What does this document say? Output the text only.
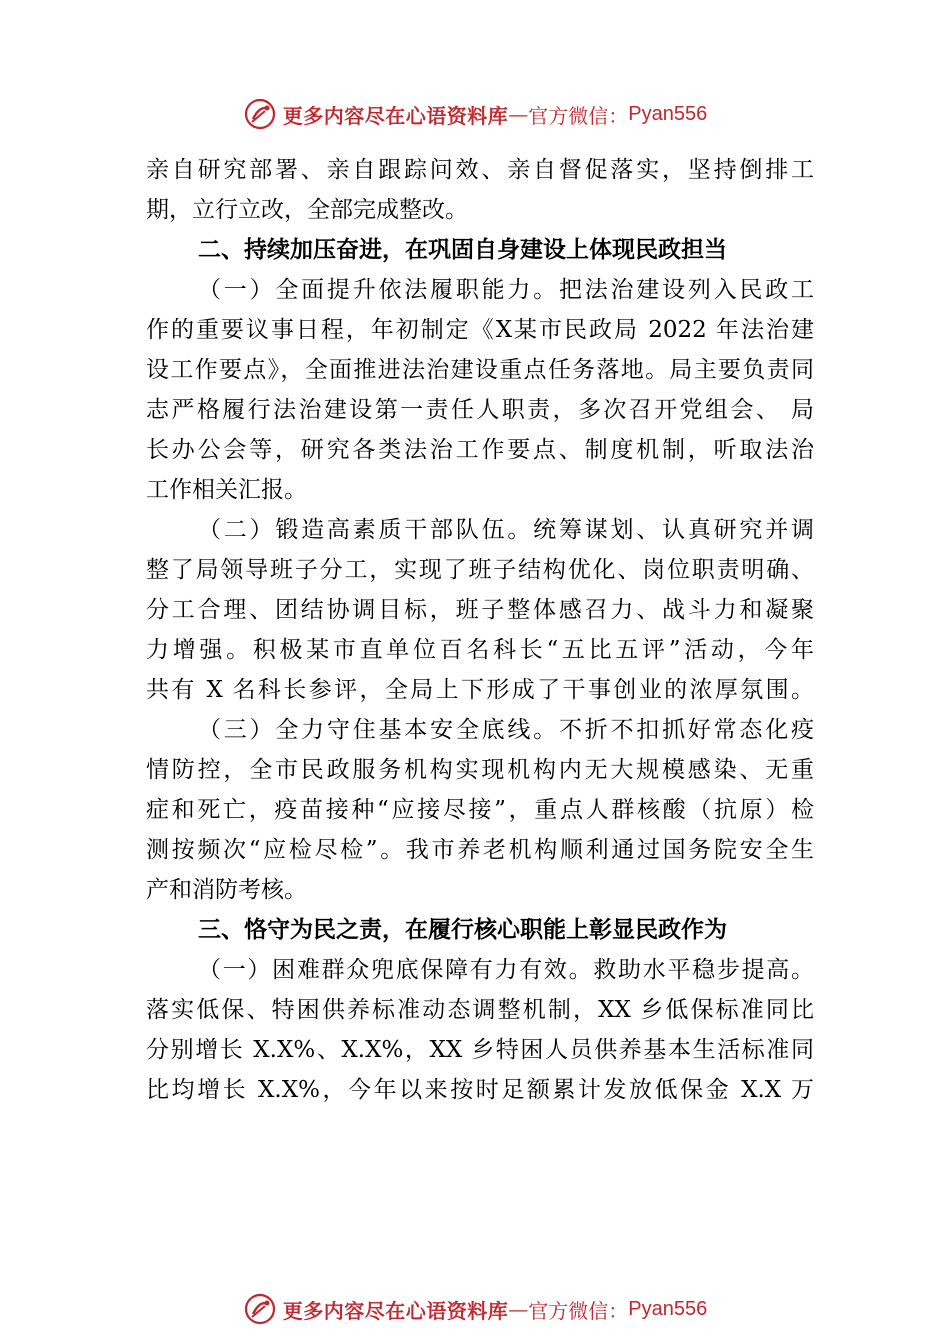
更多内容尽在心语资料库 — 官方微信： Pyan556
亲自研究部署、亲自跟踪问效、亲自督促落实，坚持倒排工
期，立行立改，全部完成整改。
二、持续加压奋进，在巩固自身建设上体现民政担当
（一）全面提升依法履职能力。把法治建设列入民政工
作的重要议事日程，年初制定《X某市民政局 2022 年法治建
设工作要点》，全面推进法治建设重点任务落地。局主要负责同
志严格履行法治建设第一责任人职责，多次召开党组会、 局
长办公会等，研究各类法治工作要点、制度机制，听取法治
工作相关汇报。
（二）锻造高素质干部队伍。统筹谋划、认真研究并调
整了局领导班子分工，实现了班子结构优化、岗位职责明确、
分工合理、团结协调目标，班子整体感召力、战斗力和凝聚
力增强。积极某市直单位百名科长“五比五评”活动，今年
共有 X 名科长参评，全局上下形成了干事创业的浓厚氛围。
（三）全力守住基本安全底线。不折不扣抓好常态化疫
情防控，全市民政服务机构实现机构内无大规模感染、无重
症和死亡，疫苗接种“应接尽接”，重点人群核酸（抗原）检
测按频次“应检尽检”。我市养老机构顺利通过国务院安全生
产和消防考核。
三、恪守为民之责，在履行核心职能上彰显民政作为
（一）困难群众兜底保障有力有效。救助水平稳步提高。
落实低保、特困供养标准动态调整机制，XX 乡低保标准同比
分别增长 X.X%、X.X%，XX 乡特困人员供养基本生活标准同
比均增长 X.X%，今年以来按时足额累计发放低保金 X.X 万
更多内容尽在心语资料库 — 官方微信： Pyan556
